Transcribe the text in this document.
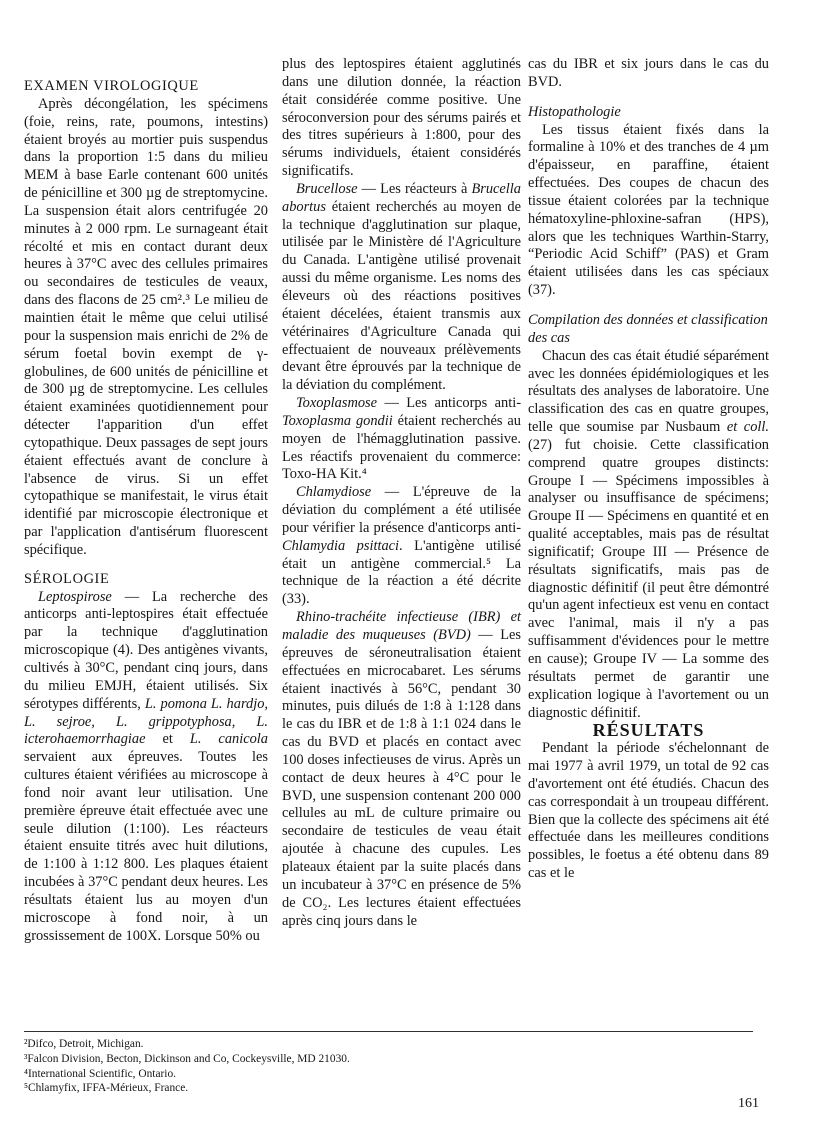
EXAMEN VIROLOGIQUE

Après décongélation, les spécimens (foie, reins, rate, poumons, intestins) étaient broyés au mortier puis suspendus dans la proportion 1:5 dans du milieu MEM à base Earle contenant 600 unités de pénicilline et 300 µg de streptomycine. La suspension était alors centrifugée 20 minutes à 2 000 rpm. Le surnageant était récolté et mis en contact durant deux heures à 37°C avec des cellules primaires ou secondaires de testicules de veaux, dans des flacons de 25 cm².³ Le milieu de maintien était le même que celui utilisé pour la suspension mais enrichi de 2% de sérum foetal bovin exempt de γ-globulines, de 600 unités de pénicilline et de 300 µg de streptomycine. Les cellules étaient examinées quotidiennement pour détecter l'apparition d'un effet cytopathique. Deux passages de sept jours étaient effectués avant de conclure à l'absence de virus. Si un effet cytopathique se manifestait, le virus était identifié par microscopie électronique et par l'application d'antisérum fluorescent spécifique.

SÉROLOGIE

Leptospirose — La recherche des anticorps anti-leptospires était effectuée par la technique d'agglutination microscopique (4). Des antigènes vivants, cultivés à 30°C, pendant cinq jours, dans du milieu EMJH, étaient utilisés. Six sérotypes différents, L. pomona L. hardjo, L. sejroe, L. grippotyphosa, L. icterohaemorrhagiae et L. canicola servaient aux épreuves. Toutes les cultures étaient vérifiées au microscope à fond noir avant leur utilisation. Une première épreuve était effectuée avec une seule dilution (1:100). Les réacteurs étaient ensuite titrés avec huit dilutions, de 1:100 à 1:12 800. Les plaques étaient incubées à 37°C pendant deux heures. Les résultats étaient lus au moyen d'un microscope à fond noir, à un grossissement de 100X. Lorsque 50% ou

plus des leptospires étaient agglutinés dans une dilution donnée, la réaction était considérée comme positive. Une séroconversion pour des sérums pairés et des titres supérieurs à 1:800, pour des sérums individuels, étaient considérés significatifs.

Brucellose — Les réacteurs à Brucella abortus étaient recherchés au moyen de la technique d'agglutination sur plaque, utilisée par le Ministère dé l'Agriculture du Canada. L'antigène utilisé provenait aussi du même organisme. Les noms des éleveurs où des réactions positives étaient décelées, étaient transmis aux vétérinaires d'Agriculture Canada qui effectuaient de nouveaux prélèvements devant être éprouvés par la technique de la déviation du complément.

Toxoplasmose — Les anticorps anti-Toxoplasma gondii étaient recherchés au moyen de l'hémagglutination passive. Les réactifs provenaient du commerce: Toxo-HA Kit.⁴

Chlamydiose — L'épreuve de la déviation du complément a été utilisée pour vérifier la présence d'anticorps anti-Chlamydia psittaci. L'antigène utilisé était un antigène commercial.⁵ La technique de la réaction a été décrite (33).

Rhino-trachéite infectieuse (IBR) et maladie des muqueuses (BVD) — Les épreuves de séroneutralisation étaient effectuées en microcabaret. Les sérums étaient inactivés à 56°C, pendant 30 minutes, puis dilués de 1:8 à 1:128 dans le cas du IBR et de 1:8 à 1:1 024 dans le cas du BVD et placés en contact avec 100 doses infectieuses de virus. Après un contact de deux heures à 4°C pour le BVD, une suspension contenant 200 000 cellules au mL de culture primaire ou secondaire de testicules de veau était ajoutée à chacune des cupules. Les plateaux étaient par la suite placés dans un incubateur à 37°C en présence de 5% de CO₂. Les lectures étaient effectuées après cinq jours dans le

cas du IBR et six jours dans le cas du BVD.

Histopathologie

Les tissus étaient fixés dans la formaline à 10% et des tranches de 4 µm d'épaisseur, en paraffine, étaient effectuées. Des coupes de chacun des tissue étaient colorées par la technique hématoxyline-phloxine-safran (HPS), alors que les techniques Warthin-Starry, “Periodic Acid Schiff” (PAS) et Gram étaient utilisées dans les cas spéciaux (37).

Compilation des données et classification des cas

Chacun des cas était étudié séparément avec les données épidémiologiques et les résultats des analyses de laboratoire. Une classification des cas en quatre groupes, telle que soumise par Nusbaum et coll. (27) fut choisie. Cette classification comprend quatre groupes distincts: Groupe I — Spécimens impossibles à analyser ou insuffisance de spécimens; Groupe II — Spécimens en quantité et en qualité acceptables, mais pas de résultat significatif; Groupe III — Présence de résultats significatifs, mais pas de diagnostic définitif (il peut être démontré qu'un agent infectieux est venu en contact avec l'animal, mais il n'y a pas suffisamment d'évidences pour le mettre en cause); Groupe IV — La somme des résultats permet de garantir une explication logique à l'avortement ou un diagnostic définitif.

RÉSULTATS

Pendant la période s'échelonnant de mai 1977 à avril 1979, un total de 92 cas d'avortement ont été étudiés. Chacun des cas correspondait à un troupeau différent. Bien que la collecte des spécimens ait été effectuée dans les meilleures conditions possibles, le foetus a été obtenu dans 89 cas et le

²Difco, Detroit, Michigan.
³Falcon Division, Becton, Dickinson and Co, Cockeysville, MD 21030.
⁴International Scientific, Ontario.
⁵Chlamyfix, IFFA-Mérieux, France.
161
